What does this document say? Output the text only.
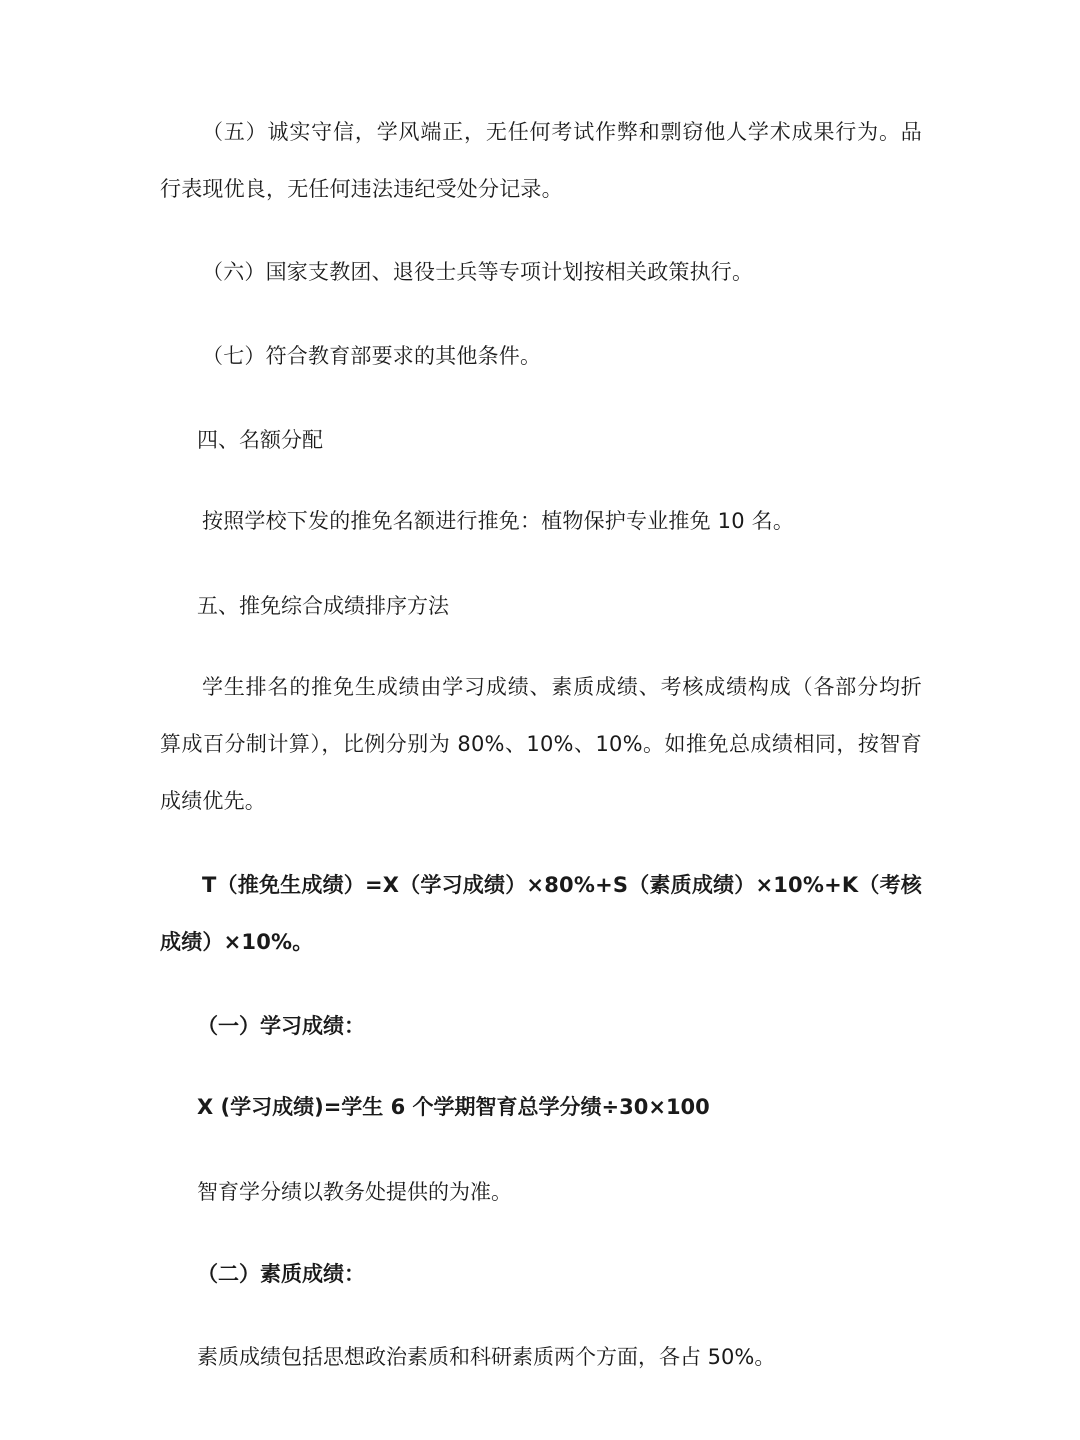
（五）诚实守信，学风端正，无任何考试作弊和剽窃他人学术成果行为。品行表现优良，无任何违法违纪受处分记录。

（六）国家支教团、退役士兵等专项计划按相关政策执行。

（七）符合教育部要求的其他条件。

四、名额分配

按照学校下发的推免名额进行推免：植物保护专业推免 10 名。

五、推免综合成绩排序方法

学生排名的推免生成绩由学习成绩、素质成绩、考核成绩构成（各部分均折算成百分制计算），比例分别为 80%、10%、10%。如推免总成绩相同，按智育成绩优先。

T（推免生成绩）=X（学习成绩）×80%+S（素质成绩）×10%+K（考核成绩）×10%。

（一）学习成绩：

X (学习成绩)=学生 6 个学期智育总学分绩÷30×100

智育学分绩以教务处提供的为准。

（二）素质成绩：

素质成绩包括思想政治素质和科研素质两个方面，各占 50%。
